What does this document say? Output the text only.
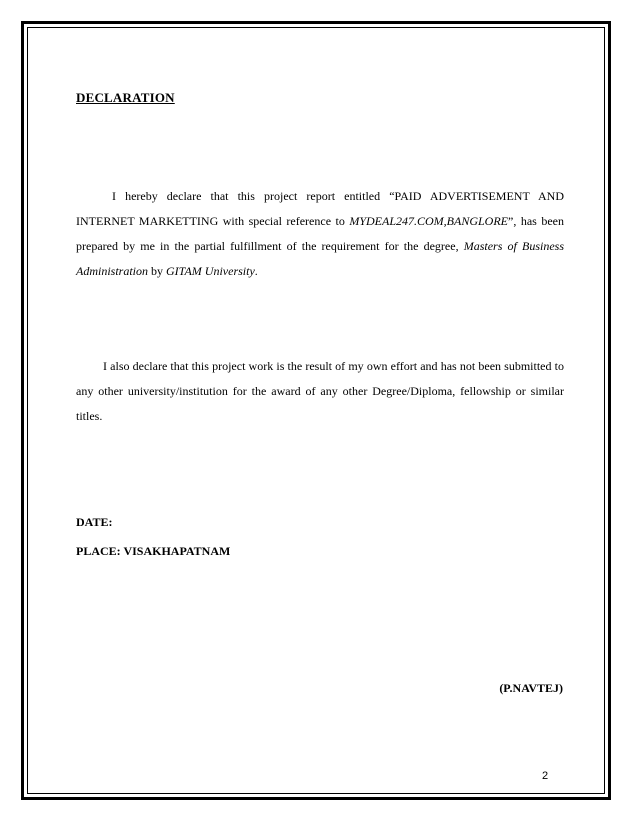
DECLARATION

I hereby declare that this project report entitled “PAID ADVERTISEMENT AND INTERNET MARKETTING with special reference to MYDEAL247.COM,BANGLORE”, has been prepared by me in the partial fulfillment of the requirement for the degree, Masters of Business Administration by GITAM University.

I also declare that this project work is the result of my own effort and has not been submitted to any other university/institution for the award of any other Degree/Diploma, fellowship or similar titles.

DATE:
PLACE: VISAKHAPATNAM
(P.NAVTEJ)
2
